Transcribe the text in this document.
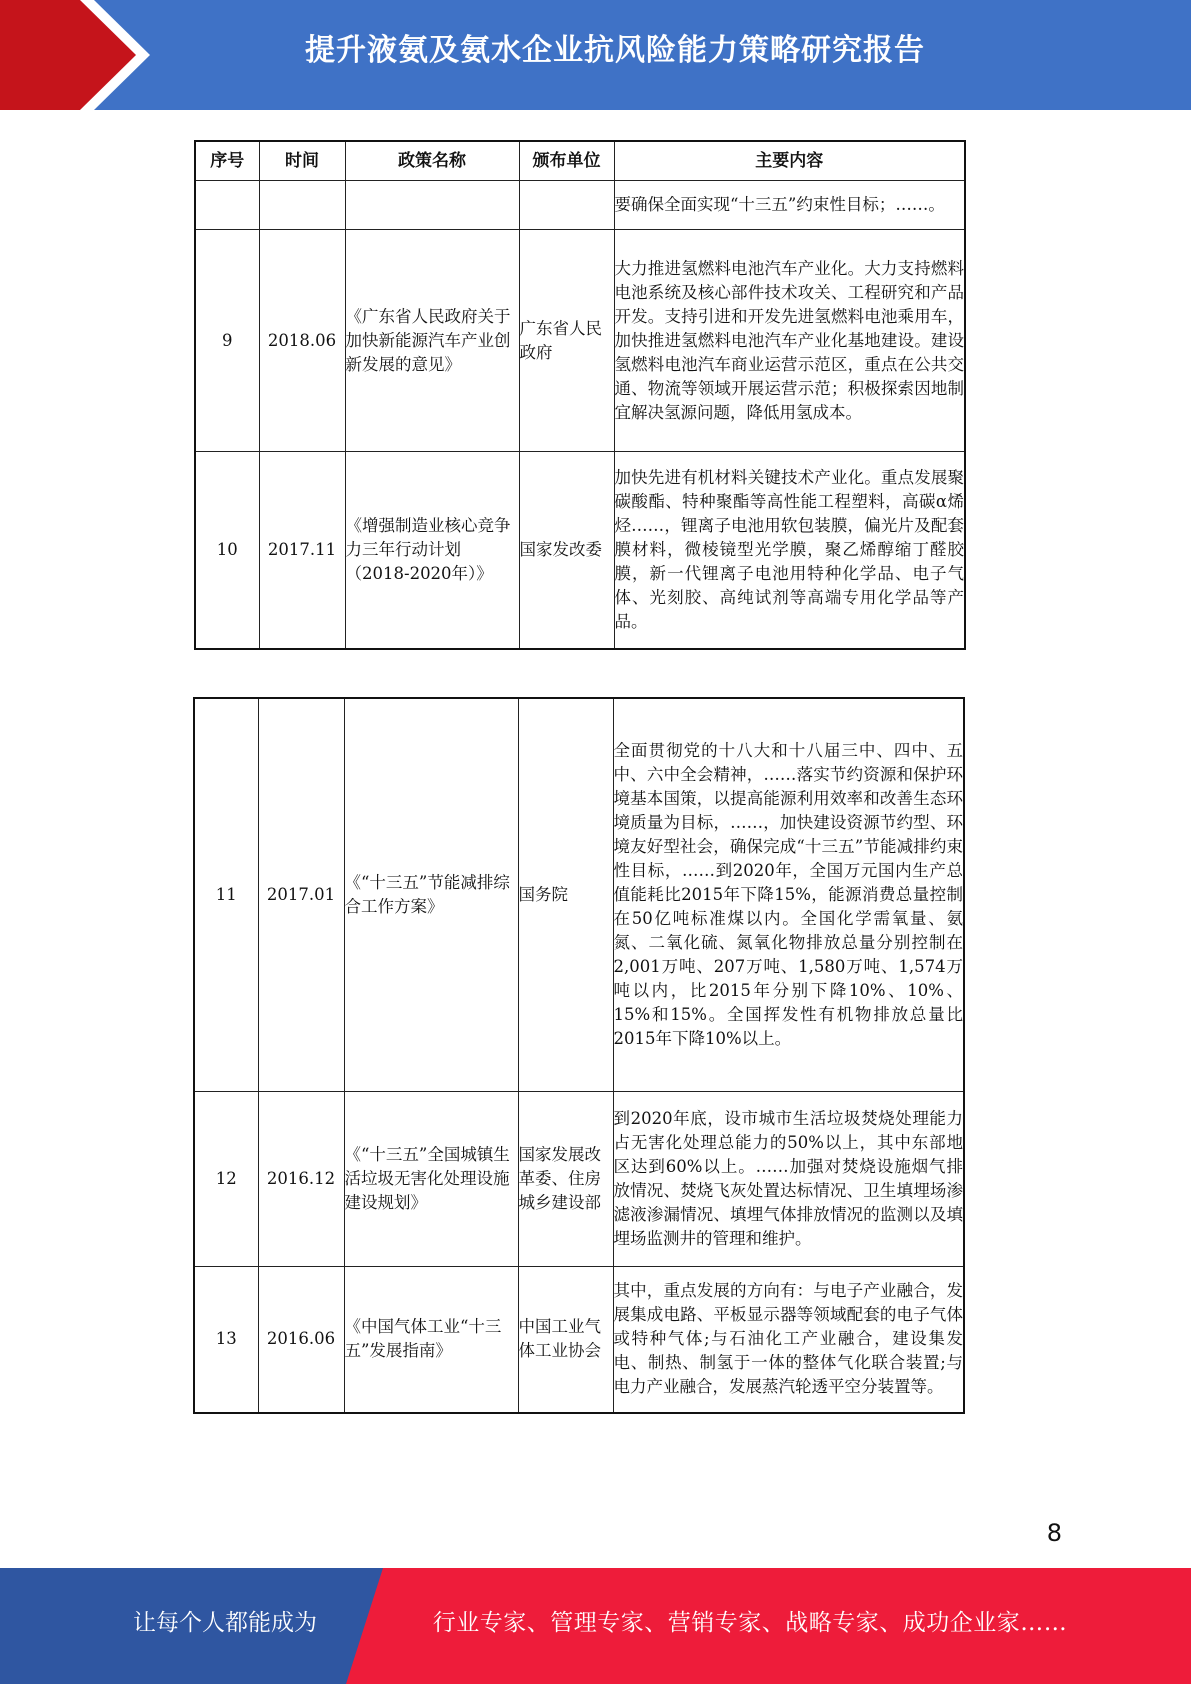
提升液氨及氨水企业抗风险能力策略研究报告
序号	时间	政策名称	颁布单位	主要内容
				要确保全面实现“十三五”约束性目标；……。
9	2018.06	《广东省人民政府关于加快新能源汽车产业创新发展的意见》	广东省人民政府	大力推进氢燃料电池汽车产业化。大力支持燃料电池系统及核心部件技术攻关、工程研究和产品开发。支持引进和开发先进氢燃料电池乘用车，加快推进氢燃料电池汽车产业化基地建设。建设氢燃料电池汽车商业运营示范区，重点在公共交通、物流等领域开展运营示范；积极探索因地制宜解决氢源问题，降低用氢成本。
10	2017.11	《增强制造业核心竞争力三年行动计划（2018-2020年）》	国家发改委	加快先进有机材料关键技术产业化。重点发展聚碳酸酯、特种聚酯等高性能工程塑料，高碳α烯烃……，锂离子电池用软包装膜，偏光片及配套膜材料，微棱镜型光学膜，聚乙烯醇缩丁醛胶膜，新一代锂离子电池用特种化学品、电子气体、光刻胶、高纯试剂等高端专用化学品等产品。
11	2017.01	《“十三五”节能减排综合工作方案》	国务院	全面贯彻党的十八大和十八届三中、四中、五中、六中全会精神，……落实节约资源和保护环境基本国策，以提高能源利用效率和改善生态环境质量为目标，……，加快建设资源节约型、环境友好型社会，确保完成“十三五”节能减排约束性目标，……到2020年，全国万元国内生产总值能耗比2015年下降15%，能源消费总量控制在50亿吨标准煤以内。全国化学需氧量、氨氮、二氧化硫、氮氧化物排放总量分别控制在2,001万吨、207万吨、1,580万吨、1,574万吨以内，比2015年分别下降10%、10%、15%和15%。全国挥发性有机物排放总量比2015年下降10%以上。
12	2016.12	《“十三五”全国城镇生活垃圾无害化处理设施建设规划》	国家发展改革委、住房城乡建设部	到2020年底，设市城市生活垃圾焚烧处理能力占无害化处理总能力的50%以上，其中东部地区达到60%以上。……加强对焚烧设施烟气排放情况、焚烧飞灰处置达标情况、卫生填埋场渗滤液渗漏情况、填埋气体排放情况的监测以及填埋场监测井的管理和维护。
13	2016.06	《中国气体工业“十三五”发展指南》	中国工业气体工业协会	其中，重点发展的方向有：与电子产业融合，发展集成电路、平板显示器等领域配套的电子气体或特种气体;与石油化工产业融合，建设集发电、制热、制氢于一体的整体气化联合装置;与电力产业融合，发展蒸汽轮透平空分装置等。
8
让每个人都能成为	行业专家、管理专家、营销专家、战略专家、成功企业家……
